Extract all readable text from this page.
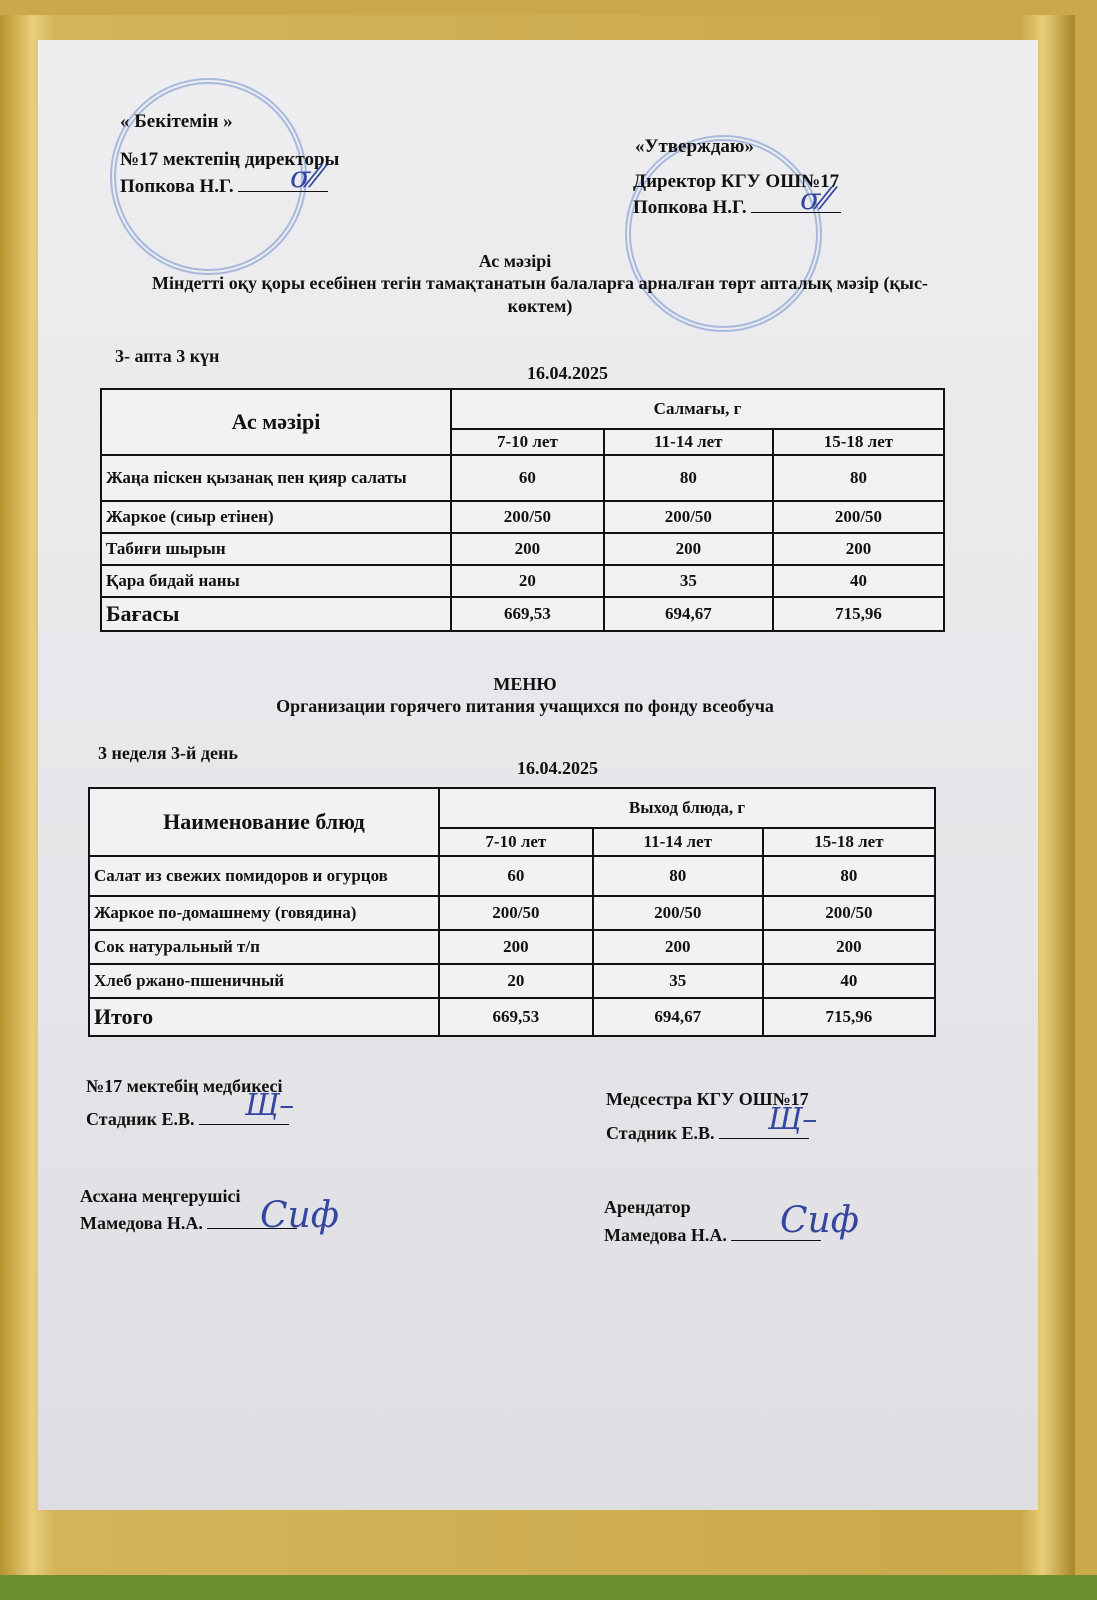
« Бекітемін »
№17 мектепің директоры
Попкова Н.Г.	σ⁄⁄
«Утверждаю»
Директор КГУ ОШ№17
Попкова Н.Г.	σ⁄⁄
Ас мәзірі
Міндетті оқу қоры есебінен тегін тамақтанатын балаларға арналған төрт апталық мәзір (қыс-көктем)
3- апта 3 күн
16.04.2025
Ас мәзірі	Салмағы, г		
	7-10 лет	11-14 лет	15-18 лет
Жаңа піскен қызанақ пен қияр салаты	60	80	80
Жаркое (сиыр етінен)	200/50	200/50	200/50
Табиғи шырын	200	200	200
Қара бидай наны	20	35	40
Бағасы	669,53	694,67	715,96
МЕНЮ
Организации горячего питания учащихся по фонду всеобуча
3 неделя 3-й день
16.04.2025
Наименование блюд	Выход блюда, г		
	7-10 лет	11-14 лет	15-18 лет
Салат из свежих помидоров и огурцов	60	80	80
Жаркое по-домашнему (говядина)	200/50	200/50	200/50
Сок натуральный т/п	200	200	200
Хлеб ржано-пшеничный	20	35	40
Итого	669,53	694,67	715,96
№17 мектебің медбикесі
Стадник Е.В.	Щ–	Медсестра КГУ ОШ№17
Стадник Е.В.	Щ–
Асхана меңгерушісі
Мамедова Н.А.	Сиф	Арендатор
Мамедова Н.А.	Сиф
